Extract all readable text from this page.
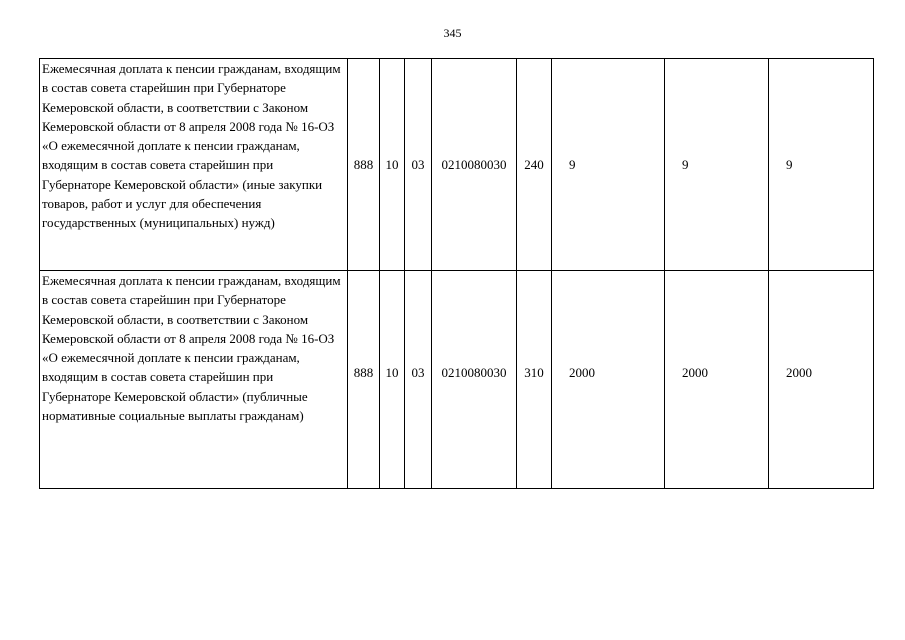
345
Ежемесячная доплата к пенсии гражданам, входящим в состав совета старейшин при Губернаторе Кемеровской области, в соответствии с Законом Кемеровской области от 8 апреля 2008 года № 16-ОЗ «О ежемесячной доплате к пенсии гражданам, входящим в состав совета старейшин при Губернаторе Кемеровской области» (иные закупки товаров, работ и услуг для обеспечения государственных (муниципальных) нужд)	888	10	03	0210080030	240	9	9	9
Ежемесячная доплата к пенсии гражданам, входящим в состав совета старейшин при Губернаторе Кемеровской области, в соответствии с Законом Кемеровской области от 8 апреля 2008 года № 16-ОЗ «О ежемесячной доплате к пенсии гражданам, входящим в состав совета старейшин при Губернаторе Кемеровской области» (публичные нормативные социальные выплаты гражданам)	888	10	03	0210080030	310	2000	2000	2000
